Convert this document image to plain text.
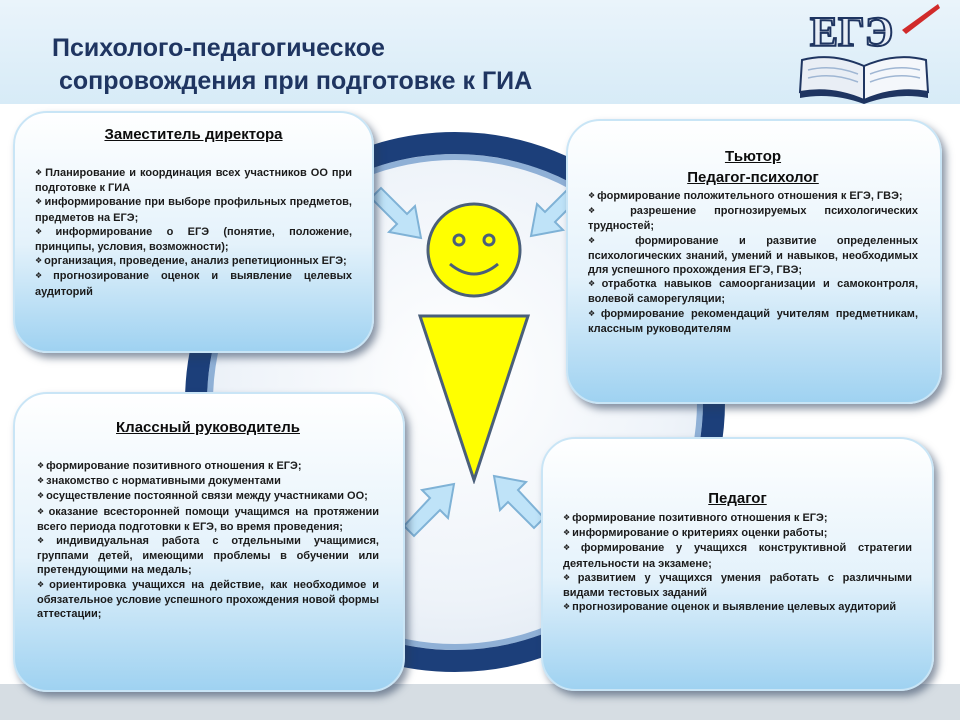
Психолого-педагогическое
сопровождения при подготовке к ГИА
ЕГЭ

Заместитель директора

❖ Планирование и координация всех участников ОО при подготовке к ГИА
❖ информирование при выборе профильных предметов, предметов на ЕГЭ;
❖ информирование о ЕГЭ (понятие, положение, принципы, условия, возможности);
❖ организация, проведение, анализ репетиционных ЕГЭ;
❖ прогнозирование оценок и выявление целевых аудиторий

Тьютор

Педагог-психолог

❖ формирование положительного отношения к ЕГЭ, ГВЭ;
❖ разрешение прогнозируемых психологических трудностей;
❖ формирование и развитие определенных психологических знаний, умений и навыков, необходимых для успешного прохождения ЕГЭ, ГВЭ;
❖ отработка навыков самоорганизации и самоконтроля, волевой саморегуляции;
❖ формирование рекомендаций учителям предметникам, классным руководителям

Классный руководитель

❖ формирование позитивного отношения к ЕГЭ;
❖ знакомство с нормативными документами
❖ осуществление постоянной связи между участниками ОО;
❖ оказание всесторонней помощи учащимся на протяжении всего периода подготовки к ЕГЭ, во время проведения;
❖ индивидуальная работа с отдельными учащимися, группами детей, имеющими проблемы в обучении или претендующими на медаль;
❖ ориентировка учащихся на действие, как необходимое и обязательное условие успешного прохождения новой формы аттестации;

Педагог

❖ формирование позитивного отношения к ЕГЭ;
❖ информирование о критериях оценки работы;
❖ формирование у учащихся конструктивной стратегии деятельности на экзамене;
❖ развитием у учащихся умения работать с различными видами тестовых заданий
❖ прогнозирование оценок и выявление целевых аудиторий
